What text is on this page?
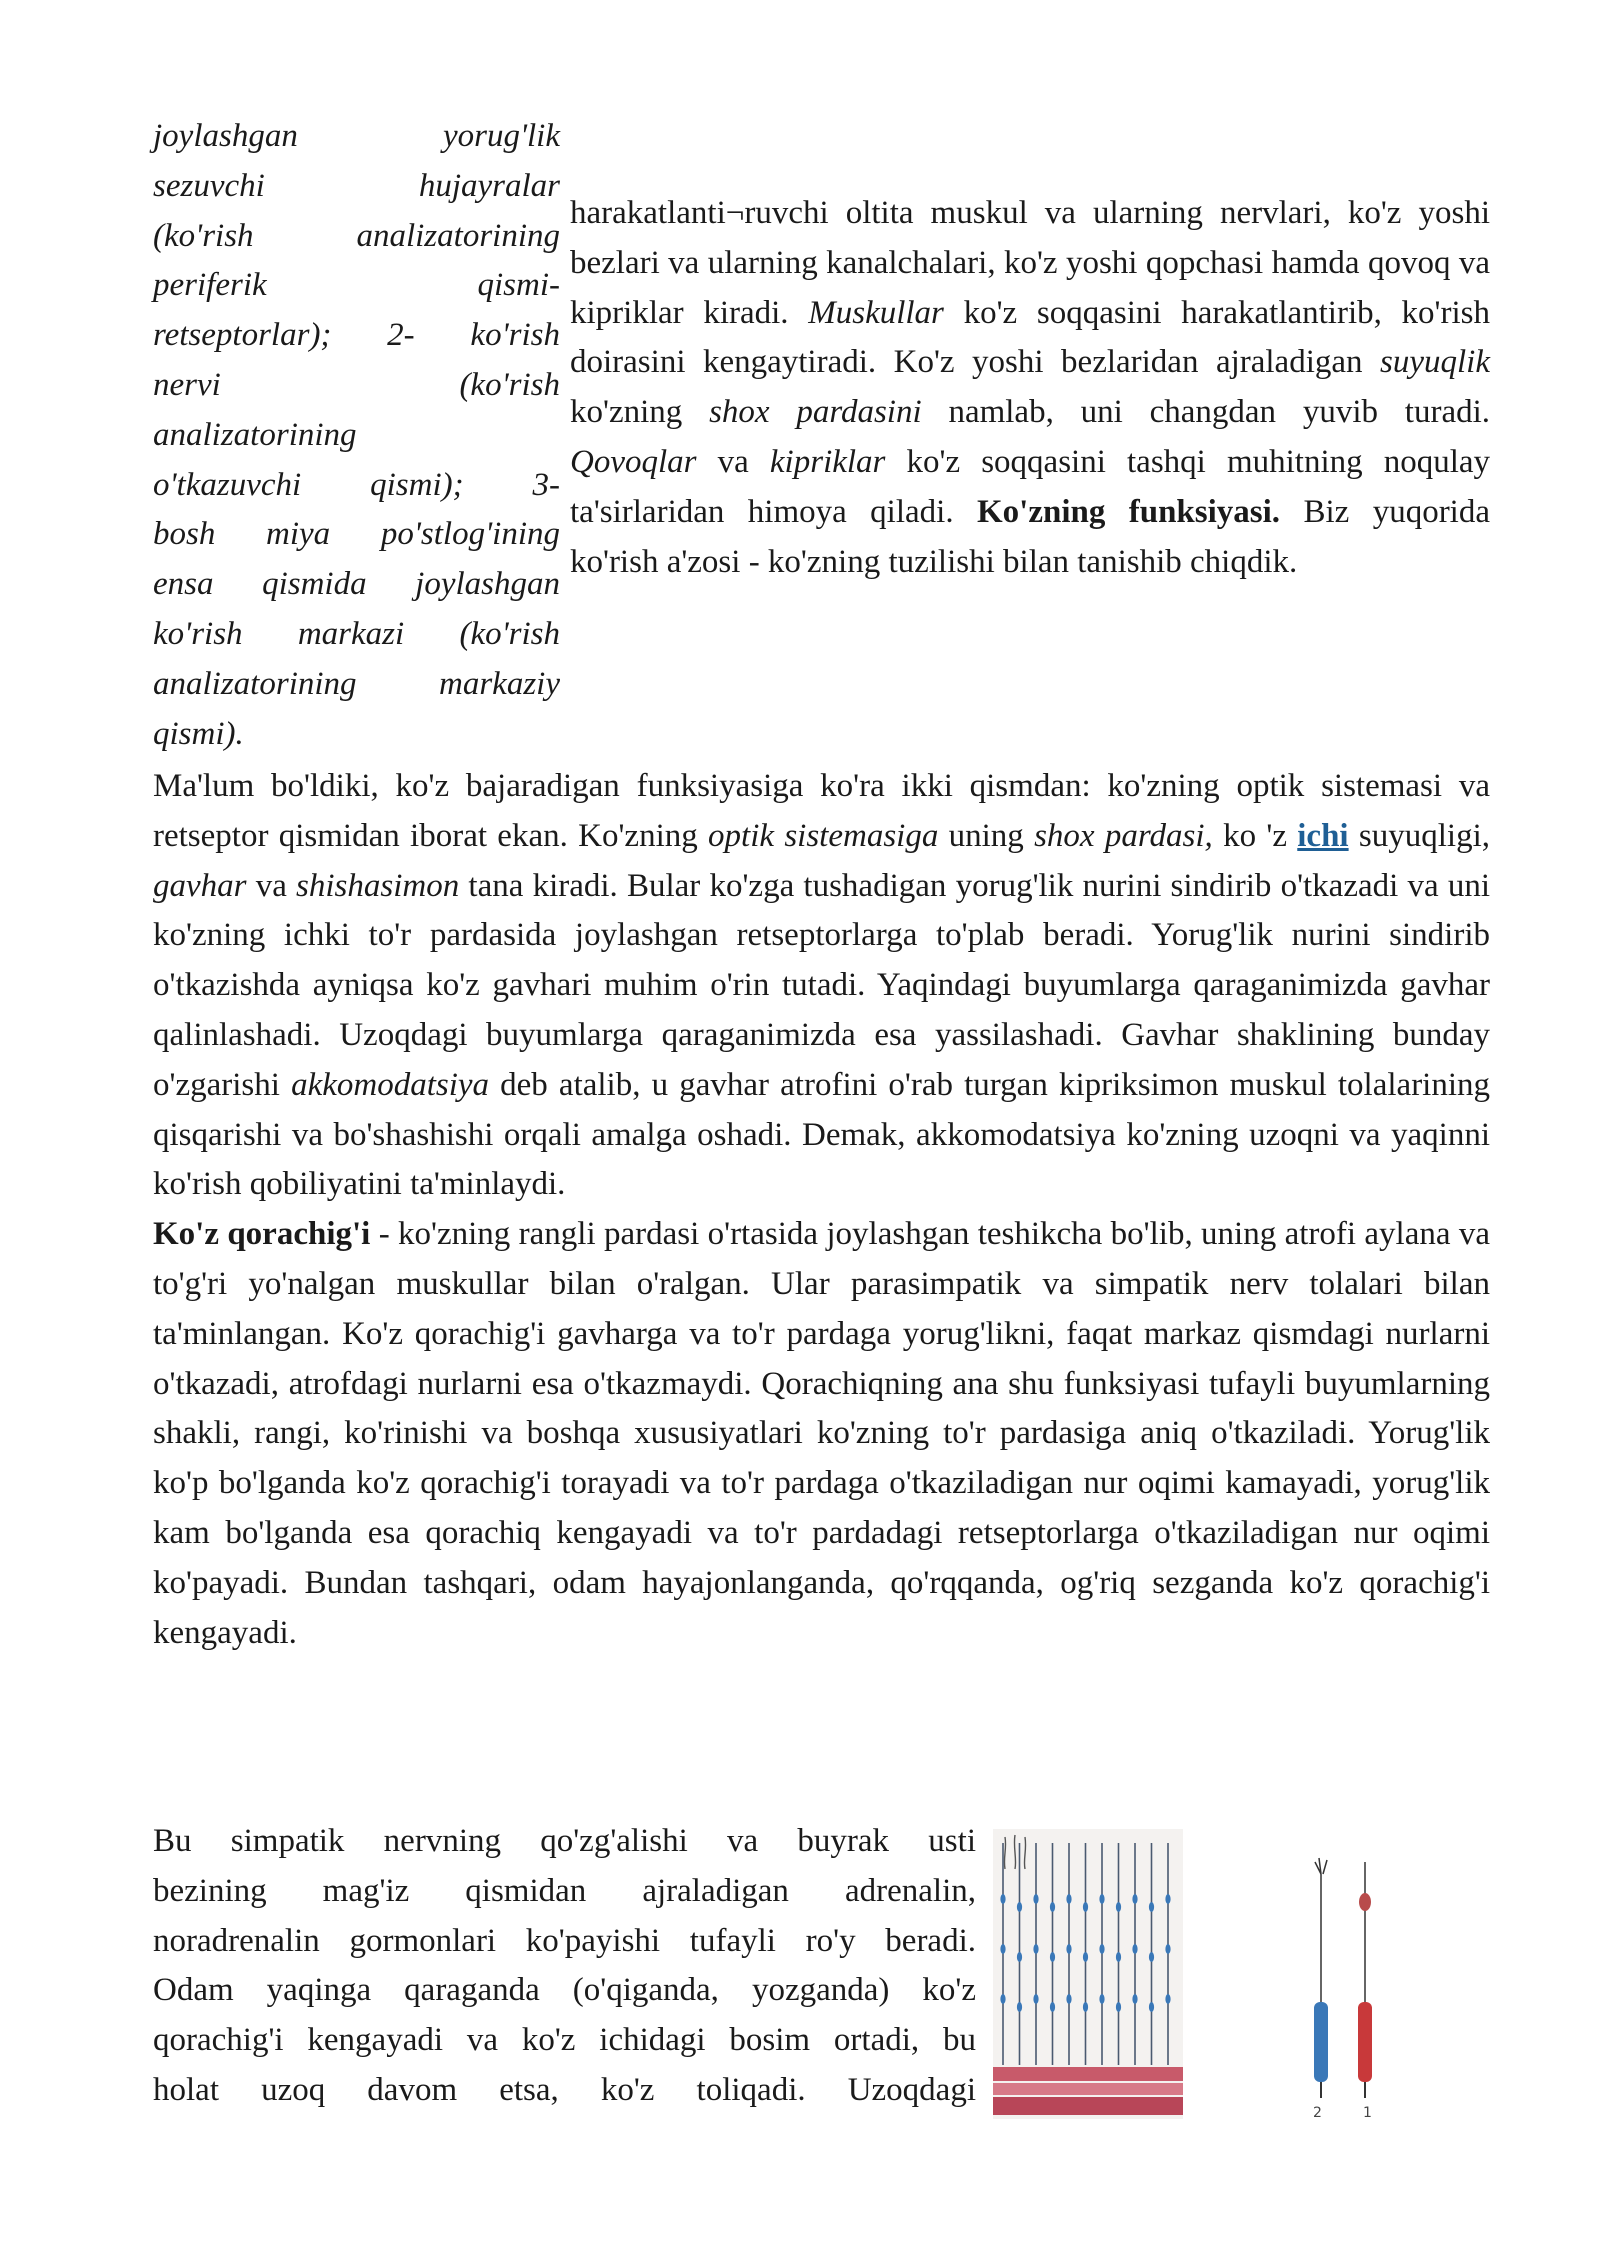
joylashgan yorug'lik

sezuvchi hujayralar

(ko'rish analizatorining

periferik qismi-

retseptorlar); 2- ko'rish

nervi (ko'rish

analizatorining

o'tkazuvchi qismi); 3-

bosh miya po'stlog'ining

ensa qismida joylashgan

ko'rish markazi (ko'rish

analizatorining markaziy

qismi).

harakatlanti¬ruvchi oltita muskul va ularning nervlari, ko'z yoshi bezlari va ularning kanalchalari, ko'z yoshi qopchasi hamda qovoq va kipriklar kiradi. Muskullar ko'z soqqasini harakatlantirib, ko'rish doirasini kengaytiradi. Ko'z yoshi bezlaridan ajraladigan suyuqlik ko'zning shox pardasini namlab, uni changdan yuvib turadi. Qovoqlar va kipriklar ko'z soqqasini tashqi muhitning noqulay ta'sirlaridan himoya qiladi. Ko'zning funksiyasi. Biz yuqorida ko'rish a'zosi - ko'zning tuzilishi bilan tanishib chiqdik.

Ma'lum bo'ldiki, ko'z bajaradigan funksiyasiga ko'ra ikki qismdan: ko'zning optik sistemasi va retseptor qismidan iborat ekan. Ko'zning optik sistemasiga uning shox pardasi, ko 'z ichi suyuqligi, gavhar va shishasimon tana kiradi. Bular ko'zga tushadigan yorug'lik nurini sindirib o'tkazadi va uni ko'zning ichki to'r pardasida joylashgan retseptorlarga to'plab beradi. Yorug'lik nurini sindirib o'tkazishda ayniqsa ko'z gavhari muhim o'rin tutadi. Yaqindagi buyumlarga qaraganimizda gavhar qalinlashadi. Uzoqdagi buyumlarga qaraganimizda esa yassilashadi. Gavhar shaklining bunday o'zgarishi akkomodatsiya deb atalib, u gavhar atrofini o'rab turgan kipriksimon muskul tolalarining qisqarishi va bo'shashishi orqali amalga oshadi. Demak, akkomodatsiya ko'zning uzoqni va yaqinni ko'rish qobiliyatini ta'minlaydi.

Ko'z qorachig'i - ko'zning rangli pardasi o'rtasida joylashgan teshikcha bo'lib, uning atrofi aylana va to'g'ri yo'nalgan muskullar bilan o'ralgan. Ular parasimpatik va simpatik nerv tolalari bilan ta'minlangan. Ko'z qorachig'i gavharga va to'r pardaga yorug'likni, faqat markaz qismdagi nurlarni o'tkazadi, atrofdagi nurlarni esa o'tkazmaydi. Qorachiqning ana shu funksiyasi tufayli buyumlarning shakli, rangi, ko'rinishi va boshqa xususiyatlari ko'zning to'r pardasiga aniq o'tkaziladi. Yorug'lik ko'p bo'lganda ko'z qorachig'i torayadi va to'r pardaga o'tkaziladigan nur oqimi kamayadi, yorug'lik kam bo'lganda esa qorachiq kengayadi va to'r pardadagi retseptorlarga o'tkaziladigan nur oqimi ko'payadi. Bundan tashqari, odam hayajonlanganda, qo'rqqanda, og'riq sezganda ko'z qorachig'i kengayadi.

Bu simpatik nervning qo'zg'alishi va buyrak usti

bezining mag'iz qismidan ajraladigan adrenalin,

noradrenalin gormonlari ko'payishi tufayli ro'y beradi.

Odam yaqinga qaraganda (o'qiganda, yozganda) ko'z

qorachig'i kengayadi va ko'z ichidagi bosim ortadi, bu

holat uzoq davom etsa, ko'z toliqadi. Uzoqdagi

2	1
